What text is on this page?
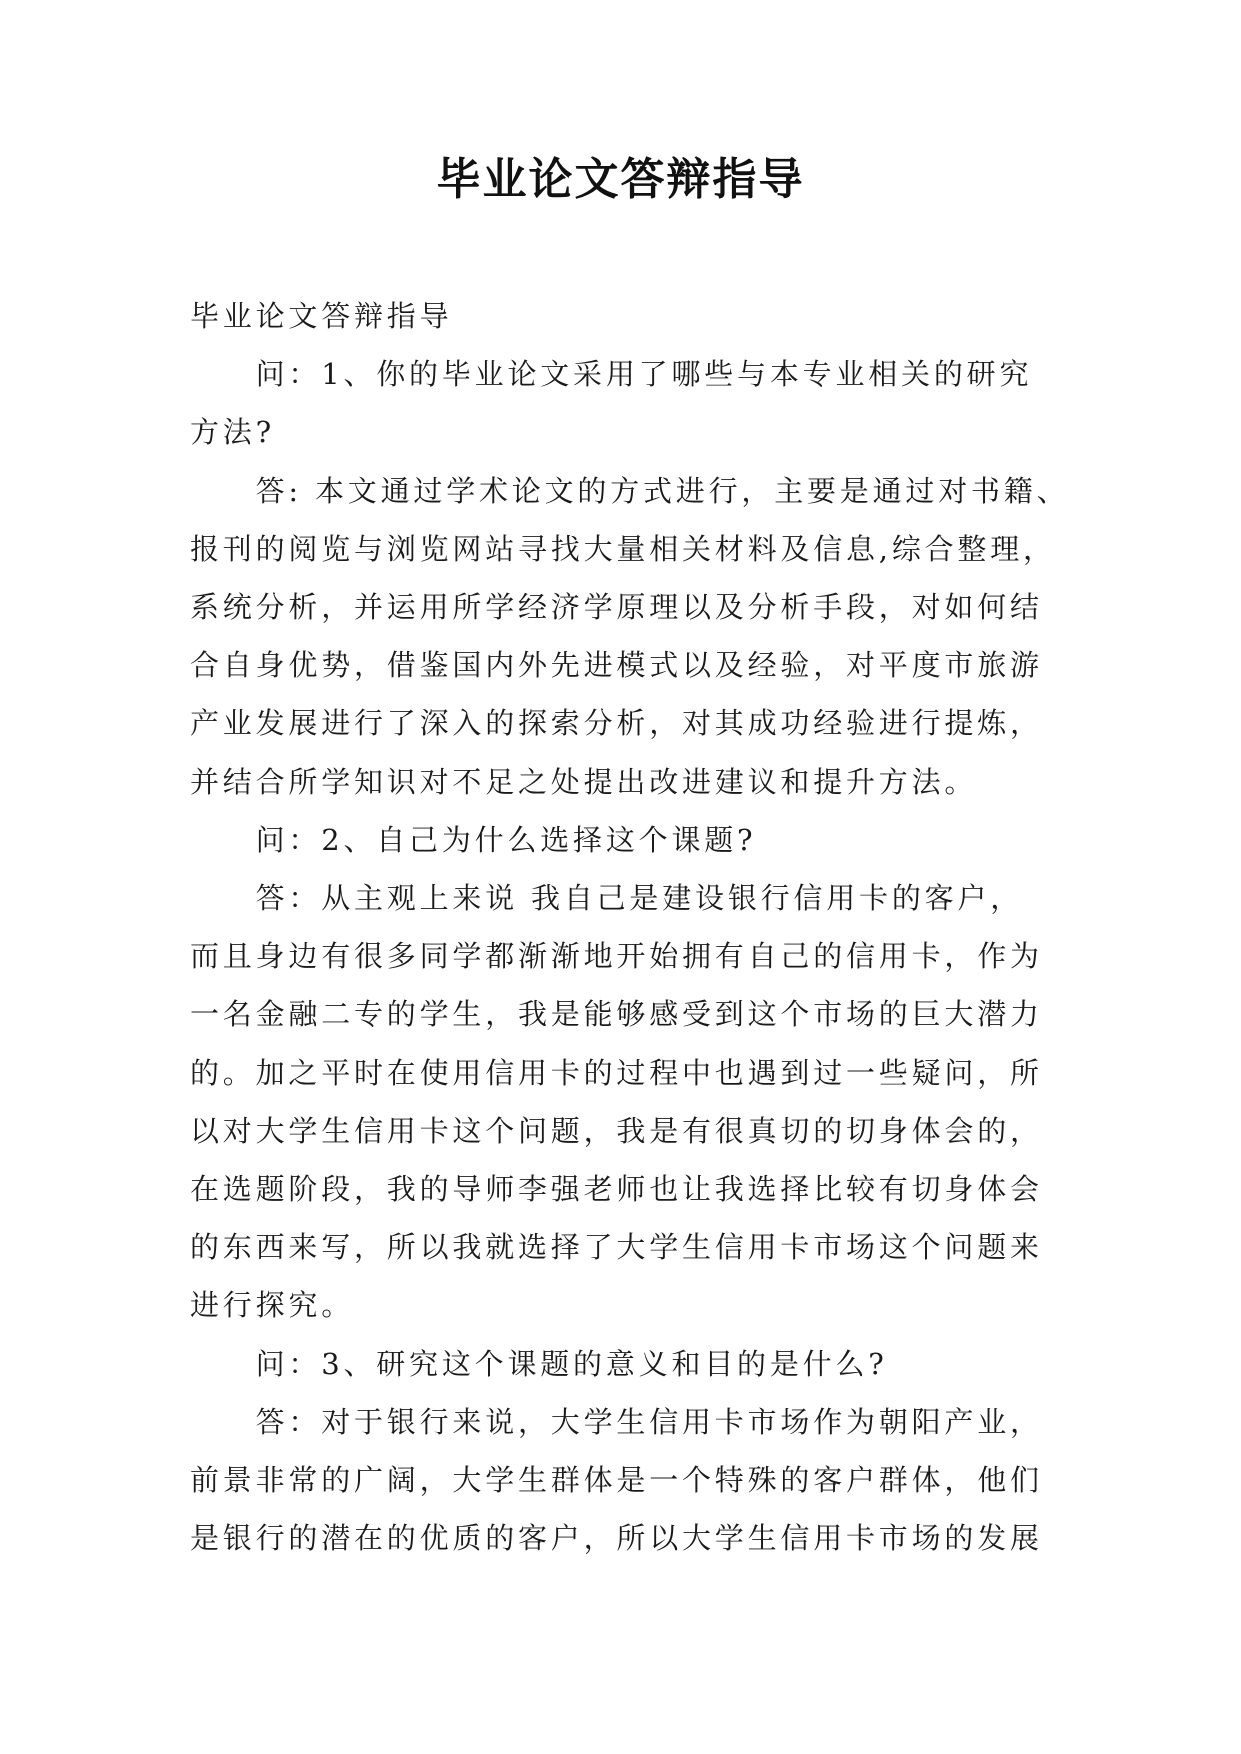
毕业论文答辩指导

毕业论文答辩指导

　　问：1、你的毕业论文采用了哪些与本专业相关的研究

方法?

　　答: 本文通过学术论文的方式进行，主要是通过对书籍、

报刊的阅览与浏览网站寻找大量相关材料及信息,综合整理，

系统分析，并运用所学经济学原理以及分析手段，对如何结

合自身优势，借鉴国内外先进模式以及经验，对平度市旅游

产业发展进行了深入的探索分析，对其成功经验进行提炼，

并结合所学知识对不足之处提出改进建议和提升方法。

　　问：2、自己为什么选择这个课题?

　　答：从主观上来说 我自己是建设银行信用卡的客户，

而且身边有很多同学都渐渐地开始拥有自己的信用卡，作为

一名金融二专的学生，我是能够感受到这个市场的巨大潜力

的。加之平时在使用信用卡的过程中也遇到过一些疑问，所

以对大学生信用卡这个问题，我是有很真切的切身体会的，

在选题阶段，我的导师李强老师也让我选择比较有切身体会

的东西来写，所以我就选择了大学生信用卡市场这个问题来

进行探究。

　　问：3、研究这个课题的意义和目的是什么?

　　答：对于银行来说，大学生信用卡市场作为朝阳产业，

前景非常的广阔，大学生群体是一个特殊的客户群体，他们

是银行的潜在的优质的客户，所以大学生信用卡市场的发展
